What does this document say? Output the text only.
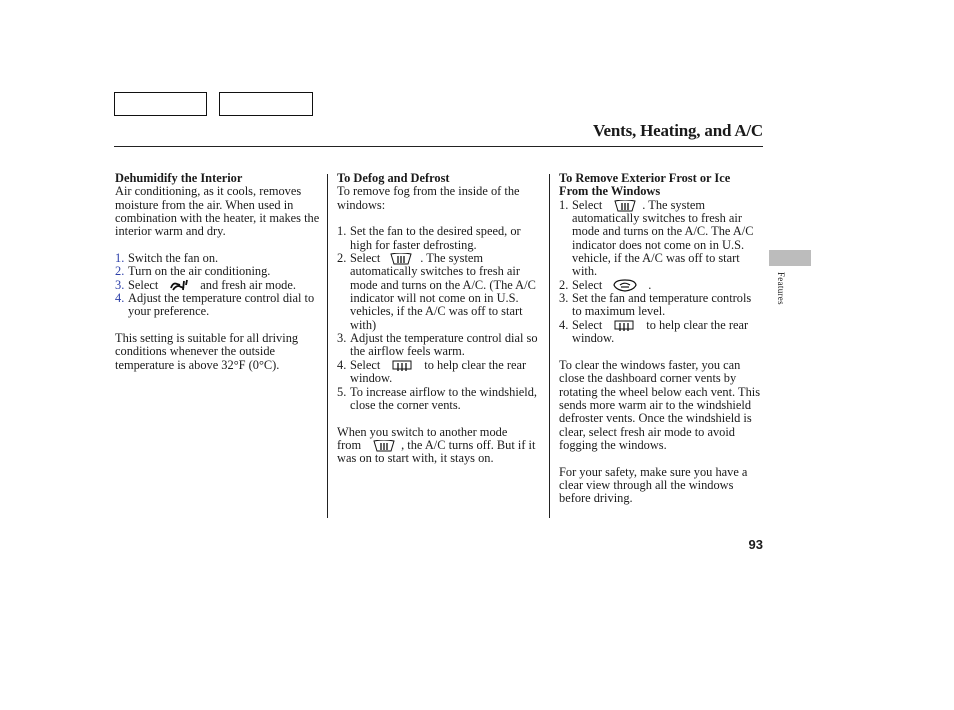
Vents, Heating, and A/C
Dehumidify the Interior

Air conditioning, as it cools, removes moisture from the air. When used in combination with the heater, it makes the interior warm and dry.

1. Switch the fan on.
2. Turn on the air conditioning.
3. Select	and fresh air mode.
4. Adjust the temperature control dial to your preference.

This setting is suitable for all driving conditions whenever the outside temperature is above 32°F (0°C).

To Defog and Defrost

To remove fog from the inside of the windows:

1. Set the fan to the desired speed, or high for faster defrosting.
2. Select	. The system automatically switches to fresh air mode and turns on the A/C. (The A/C indicator will not come on in U.S. vehicles, if the A/C was off to start with)
3. Adjust the temperature control dial so the airflow feels warm.
4. Select	to help clear the rear window.
5. To increase airflow to the windshield, close the corner vents.

When you switch to another mode
from	, the A/C turns off. But if it was on to start with, it stays on.

To Remove Exterior Frost or Ice From the Windows
1. Select	. The system automatically switches to fresh air mode and turns on the A/C. The A/C indicator does not come on in U.S. vehicle, if the A/C was off to start with.
2. Select	.
3. Set the fan and temperature controls to maximum level.
4. Select	to help clear the rear window.

To clear the windows faster, you can close the dashboard corner vents by rotating the wheel below each vent. This sends more warm air to the windshield defroster vents. Once the windshield is clear, select fresh air mode to avoid fogging the windows.

For your safety, make sure you have a clear view through all the windows before driving.

Features
93
